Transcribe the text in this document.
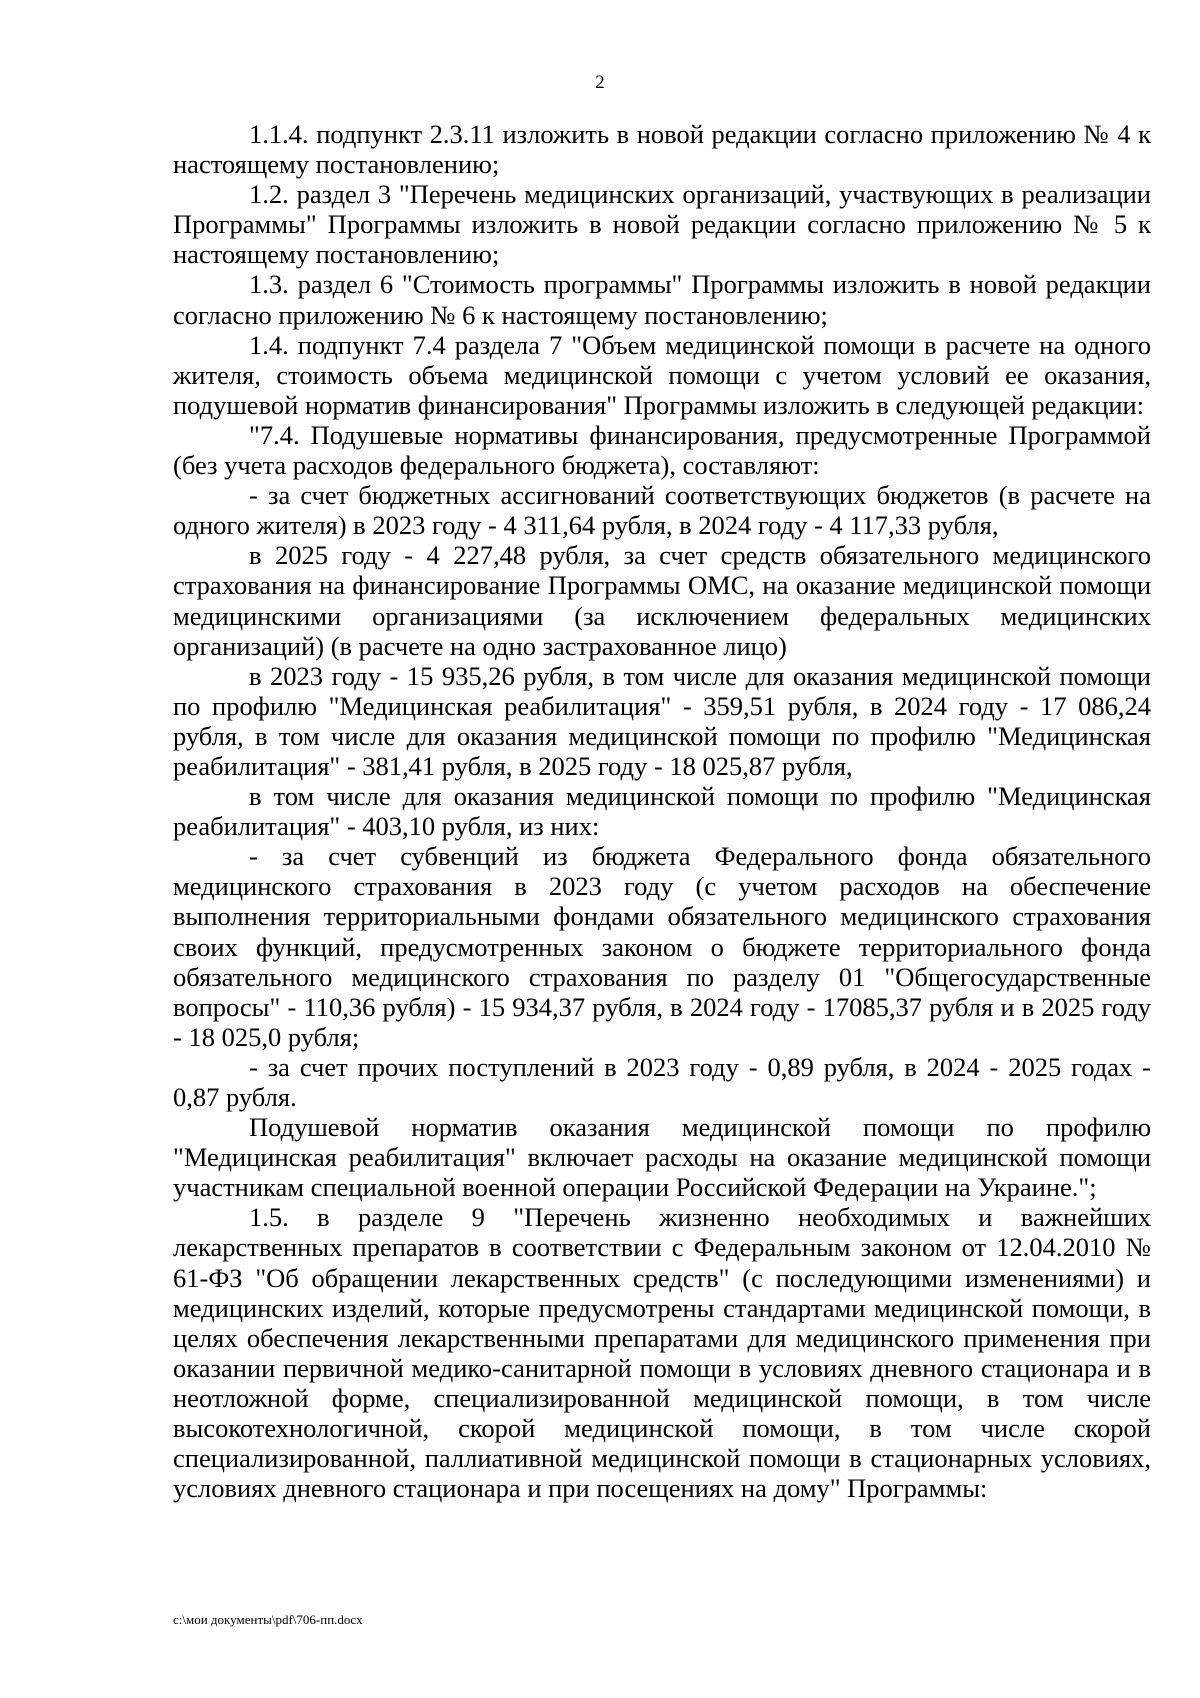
2

1.1.4. подпункт 2.3.11 изложить в новой редакции согласно приложению № 4 к настоящему постановлению;

1.2. раздел 3 "Перечень медицинских организаций, участвующих в реализации Программы" Программы изложить в новой редакции согласно приложению № 5 к настоящему постановлению;

1.3. раздел 6 "Стоимость программы" Программы изложить в новой редакции согласно приложению № 6 к настоящему постановлению;

1.4. подпункт 7.4 раздела 7 "Объем медицинской помощи в расчете на одного жителя, стоимость объема медицинской помощи с учетом условий ее оказания, подушевой норматив финансирования" Программы изложить в следующей редакции:

"7.4. Подушевые нормативы финансирования, предусмотренные Программой (без учета расходов федерального бюджета), составляют:

- за счет бюджетных ассигнований соответствующих бюджетов (в расчете на одного жителя) в 2023 году - 4 311,64 рубля, в 2024 году - 4 117,33 рубля,

в 2025 году - 4 227,48 рубля, за счет средств обязательного медицинского страхования на финансирование Программы ОМС, на оказание медицинской помощи медицинскими организациями (за исключением федеральных медицинских организаций) (в расчете на одно застрахованное лицо)

в 2023 году - 15 935,26 рубля, в том числе для оказания медицинской помощи по профилю "Медицинская реабилитация" - 359,51 рубля, в 2024 году - 17 086,24 рубля, в том числе для оказания медицинской помощи по профилю "Медицинская реабилитация" - 381,41 рубля, в 2025 году - 18 025,87 рубля,

в том числе для оказания медицинской помощи по профилю "Медицинская реабилитация" - 403,10 рубля, из них:

- за счет субвенций из бюджета Федерального фонда обязательного медицинского страхования в 2023 году (с учетом расходов на обеспечение выполнения территориальными фондами обязательного медицинского страхования своих функций, предусмотренных законом о бюджете территориального фонда обязательного медицинского страхования по разделу 01 "Общегосударственные вопросы" - 110,36 рубля) - 15 934,37 рубля, в 2024 году - 17085,37 рубля и в 2025 году - 18 025,0 рубля;

- за счет прочих поступлений в 2023 году - 0,89 рубля, в 2024 - 2025 годах - 0,87 рубля.

Подушевой норматив оказания медицинской помощи по профилю "Медицинская реабилитация" включает расходы на оказание медицинской помощи участникам специальной военной операции Российской Федерации на Украине.";

1.5. в разделе 9 "Перечень жизненно необходимых и важнейших лекарственных препаратов в соответствии с Федеральным законом от 12.04.2010 № 61-ФЗ "Об обращении лекарственных средств" (с последующими изменениями) и медицинских изделий, которые предусмотрены стандартами медицинской помощи, в целях обеспечения лекарственными препаратами для медицинского применения при оказании первичной медико-санитарной помощи в условиях дневного стационара и в неотложной форме, специализированной медицинской помощи, в том числе высокотехнологичной, скорой медицинской помощи, в том числе скорой специализированной, паллиативной медицинской помощи в стационарных условиях, условиях дневного стационара и при посещениях на дому" Программы:

c:\мои документы\pdf\706-пп.docx
